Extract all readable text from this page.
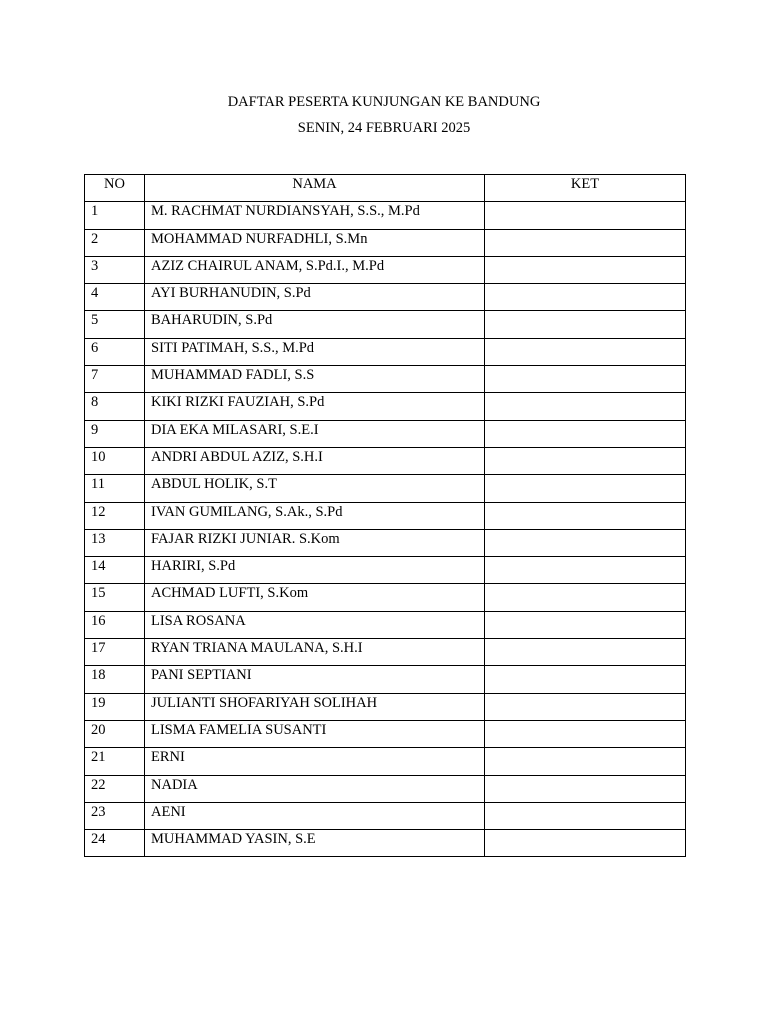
DAFTAR PESERTA KUNJUNGAN KE BANDUNG
SENIN, 24 FEBRUARI 2025
NO	NAMA	KET
1	M. RACHMAT NURDIANSYAH, S.S., M.Pd	
2	MOHAMMAD NURFADHLI, S.Mn	
3	AZIZ CHAIRUL ANAM, S.Pd.I., M.Pd	
4	AYI BURHANUDIN, S.Pd	
5	BAHARUDIN, S.Pd	
6	SITI PATIMAH, S.S., M.Pd	
7	MUHAMMAD FADLI, S.S	
8	KIKI RIZKI FAUZIAH, S.Pd	
9	DIA EKA MILASARI, S.E.I	
10	ANDRI ABDUL AZIZ, S.H.I	
11	ABDUL HOLIK, S.T	
12	IVAN GUMILANG, S.Ak., S.Pd	
13	FAJAR RIZKI JUNIAR. S.Kom	
14	HARIRI, S.Pd	
15	ACHMAD LUFTI, S.Kom	
16	LISA ROSANA	
17	RYAN TRIANA MAULANA, S.H.I	
18	PANI SEPTIANI	
19	JULIANTI SHOFARIYAH SOLIHAH	
20	LISMA FAMELIA SUSANTI	
21	ERNI	
22	NADIA	
23	AENI	
24	MUHAMMAD YASIN, S.E	
